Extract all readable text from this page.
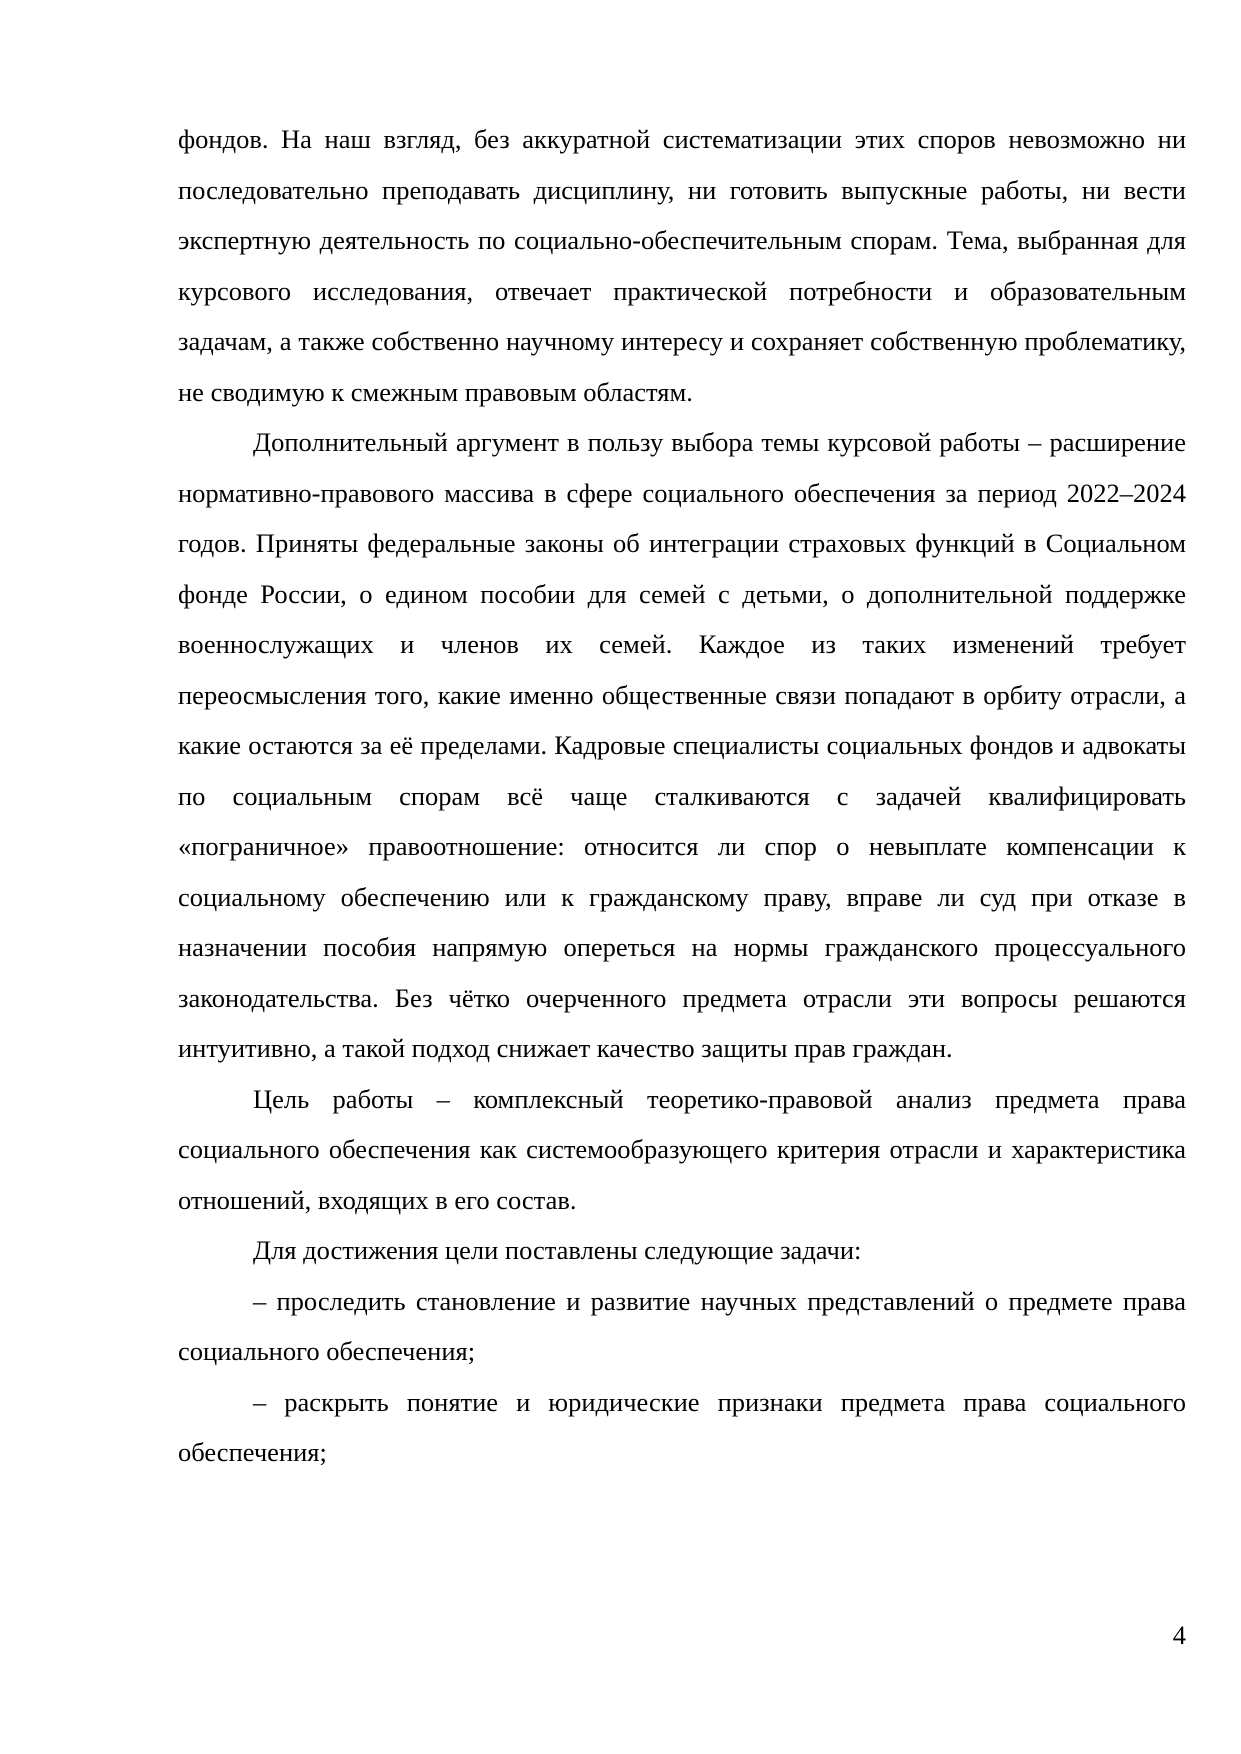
фондов. На наш взгляд, без аккуратной систематизации этих споров невозможно ни последовательно преподавать дисциплину, ни готовить выпускные работы, ни вести экспертную деятельность по социально-обеспечительным спорам. Тема, выбранная для курсового исследования, отвечает практической потребности и образовательным задачам, а также собственно научному интересу и сохраняет собственную проблематику, не сводимую к смежным правовым областям.

Дополнительный аргумент в пользу выбора темы курсовой работы – расширение нормативно-правового массива в сфере социального обеспечения за период 2022–2024 годов. Приняты федеральные законы об интеграции страховых функций в Социальном фонде России, о едином пособии для семей с детьми, о дополнительной поддержке военнослужащих и членов их семей. Каждое из таких изменений требует переосмысления того, какие именно общественные связи попадают в орбиту отрасли, а какие остаются за её пределами. Кадровые специалисты социальных фондов и адвокаты по социальным спорам всё чаще сталкиваются с задачей квалифицировать «пограничное» правоотношение: относится ли спор о невыплате компенсации к социальному обеспечению или к гражданскому праву, вправе ли суд при отказе в назначении пособия напрямую опереться на нормы гражданского процессуального законодательства. Без чётко очерченного предмета отрасли эти вопросы решаются интуитивно, а такой подход снижает качество защиты прав граждан.

Цель работы – комплексный теоретико-правовой анализ предмета права социального обеспечения как системообразующего критерия отрасли и характеристика отношений, входящих в его состав.

Для достижения цели поставлены следующие задачи:

– проследить становление и развитие научных представлений о предмете права социального обеспечения;

– раскрыть понятие и юридические признаки предмета права социального обеспечения;

4
